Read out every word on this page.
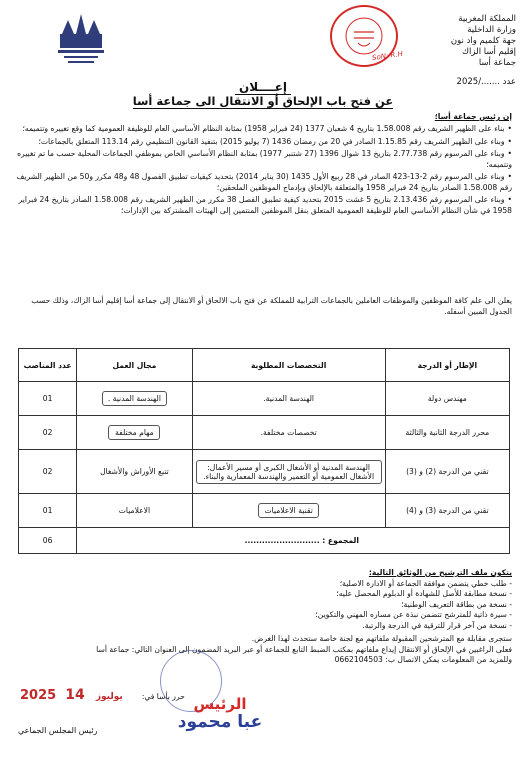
المملكة المغربية
وزارة الداخلية
جهة كلميم واد نون
إقليم أسا الزاك
جماعة أسا
عدد ......./2025
SoN: R.H
إعــــلان
عن فتح باب الإلحاق أو الانتقال الى جماعة أسا
إن رئيس جماعة أسا؛
• بناء على الظهير الشريف رقم 1.58.008 بتاريخ 4 شعبان 1377 (24 فبراير 1958) بمثابة النظام الأساسي العام للوظيفة العمومية كما وقع تغييره وتتميمه؛
• وبناء على الظهير الشريف رقم 1.15.85 الصادر في 20 من رمضان 1436 (7 يوليو 2015) بتنفيذ القانون التنظيمي رقم 113.14 المتعلق بالجماعات؛
• وبناء على المرسوم رقم 2.77.738 بتاريخ 13 شوال 1396 (27 شتنبر 1977) بمثابة النظام الأساسي الخاص بموظفي الجماعات المحلية حسب ما تم تغييره وتتميمه؛
• وبناء على المرسوم رقم 2-13-423 الصادر في 28 ربيع الأول 1435 (30 يناير 2014) بتحديد كيفيات تطبيق الفصول 48 و48 مكرر و50 من الظهير الشريف رقم 1.58.008 الصادر بتاريخ 24 فبراير 1958 والمتعلقة بالإلحاق وبإدماج الموظفين الملحقين؛
• وبناء على المرسوم رقم 2.13.436 بتاريخ 5 غشت 2015 بتحديد كيفية تطبيق الفصل 38 مكرر من الظهير الشريف رقم 1.58.008 الصادر بتاريخ 24 فبراير 1958 في شأن النظام الأساسي العام للوظيفة العمومية المتعلق بنقل الموظفين المنتمين إلى الهيئات المشتركة بين الإدارات؛
يعلن الى علم كافة الموظفين والموظفات العاملين بالجماعات الترابية للمملكة عن فتح باب الالحاق أو الانتقال إلى جماعة أسا إقليم أسا الزاك، وذلك حسب الجدول المبين أسفله.
الإطار أو الدرجة	التخصصات المطلوبة	مجال العمل	عدد المناصب
مهندس دولة	الهندسة المدنية.	الهندسة المدنية .	01
محرر الدرجة الثانية والثالثة	تخصصات مختلفة.	مهام مختلفة	02
تقني من الدرجة (2) و (3)	الهندسة المدنية أو الأشغال الكبرى أو مسير الأعمال: الأشغال العمومية أو التعمير والهندسة المعمارية والبناء.	تتبع الأوراش والأشغال	02
تقني من الدرجة (3) و (4)	تقنية الاعلاميات	الاعلاميات	01
المجموع : ..........................			06
يتكون ملف الترشيح من الوثائق التالية:
- طلب خطي يتضمن موافقة الجماعة أو الادارة الاصلية؛
- نسخة مطابقة للأصل للشهادة أو الدبلوم المحصل عليه؛
- نسخة من بطاقة التعريف الوطنية؛
- سيرة ذاتية للمترشح تتضمن نبذة عن مساره المهني والتكوين؛
- نسخة من آخر قرار للترقية في الدرجة والرتبة.
ستجرى مقابلة مع المترشحين المقبولة ملفاتهم مع لجنة خاصة ستحدث لهذا الغرض.
فعلى الراغبين في الإلحاق أو الانتقال إيداع ملفاتهم بمكتب الضبط التابع للجماعة أو عبر البريد المضمون إلى العنوان التالي: جماعة أسا
وللمزيد من المعلومات يمكن الاتصال ب: 0662104503
2025	يوليوز 14	حرر بأسا في: الرئيس
عبا محمود
رئيس المجلس الجماعي
